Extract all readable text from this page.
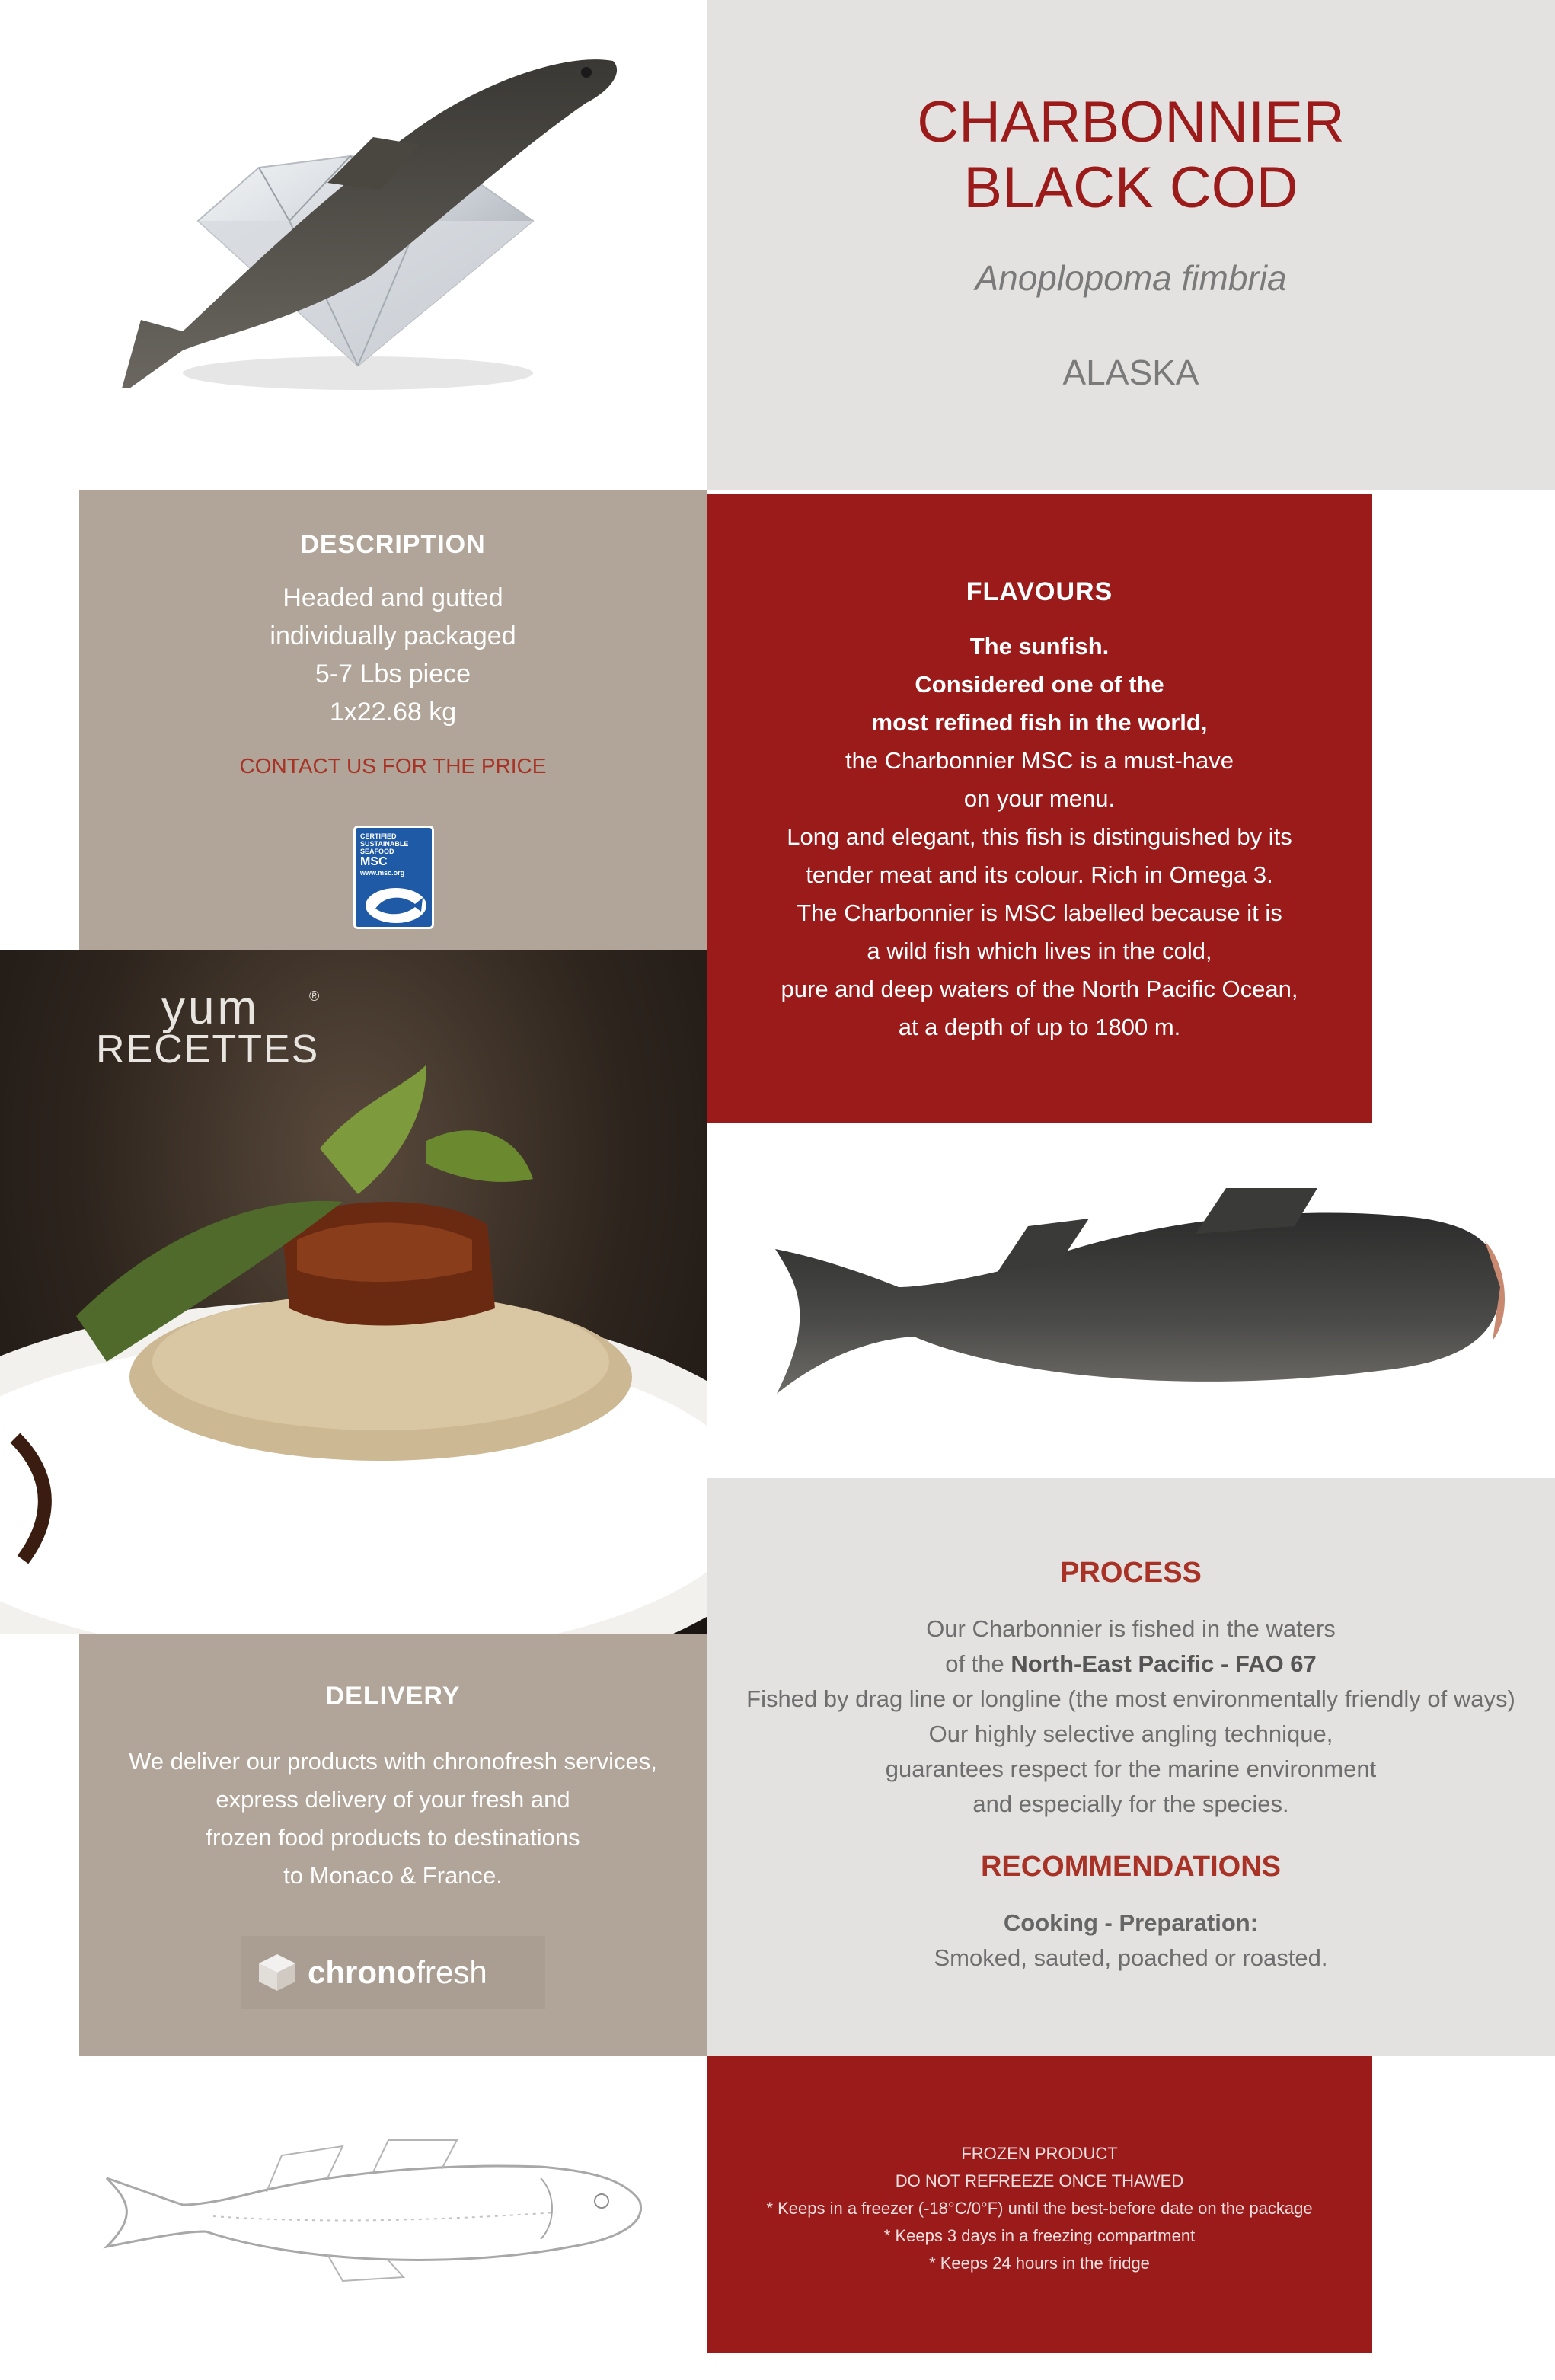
CHARBONNIER
BLACK COD
Anoplopoma fimbria
ALASKA
DESCRIPTION
Headed and gutted
individually packaged
5-7 Lbs piece
1x22.68 kg
CONTACT US FOR THE PRICE
CERTIFIED
SUSTAINABLE
SEAFOOD
MSC
www.msc.org
FLAVOURS
The sunfish.
Considered one of the
most refined fish in the world,
the Charbonnier MSC is a must-have
on your menu.
Long and elegant, this fish is distinguished by its
tender meat and its colour. Rich in Omega 3.
The Charbonnier is MSC labelled because it is
a wild fish which lives in the cold,
pure and deep waters of the North Pacific Ocean,
at a depth of up to 1800 m.
yum	®
RECETTES
PROCESS
Our Charbonnier is fished in the waters
of the North-East Pacific - FAO 67
Fished by drag line or longline (the most environmentally friendly of ways)
Our highly selective angling technique,
guarantees respect for the marine environment
and especially for the species.
RECOMMENDATIONS
Cooking - Preparation:
Smoked, sauted, poached or roasted.
DELIVERY
We deliver our products with chronofresh services,
express delivery of your fresh and
frozen food products to destinations
to Monaco & France.
chronofresh
FROZEN PRODUCT
DO NOT REFREEZE ONCE THAWED
* Keeps in a freezer (-18°C/0°F) until the best-before date on the package
* Keeps 3 days in a freezing compartment
* Keeps 24 hours in the fridge
